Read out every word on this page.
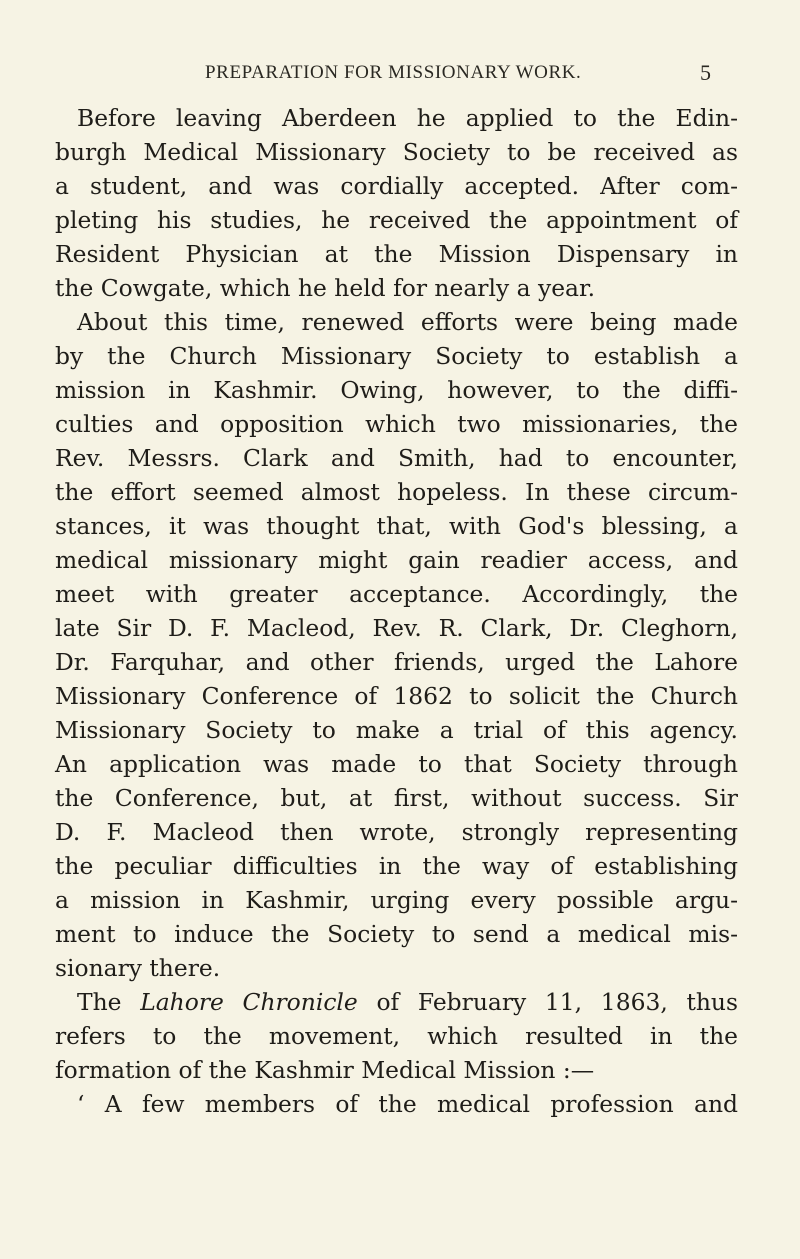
PREPARATION FOR MISSIONARY WORK.	5
Before leaving Aberdeen he applied to the Edin-
burgh Medical Missionary Society to be received as
a student, and was cordially accepted. After com-
pleting his studies, he received the appointment of
Resident Physician at the Mission Dispensary in
the Cowgate, which he held for nearly a year.
About this time, renewed efforts were being made
by the Church Missionary Society to establish a
mission in Kashmir. Owing, however, to the diffi-
culties and opposition which two missionaries, the
Rev. Messrs. Clark and Smith, had to encounter,
the effort seemed almost hopeless. In these circum-
stances, it was thought that, with God's blessing, a
medical missionary might gain readier access, and
meet with greater acceptance. Accordingly, the
late Sir D. F. Macleod, Rev. R. Clark, Dr. Cleghorn,
Dr. Farquhar, and other friends, urged the Lahore
Missionary Conference of 1862 to solicit the Church
Missionary Society to make a trial of this agency.
An application was made to that Society through
the Conference, but, at first, without success. Sir
D. F. Macleod then wrote, strongly representing
the peculiar difficulties in the way of establishing
a mission in Kashmir, urging every possible argu-
ment to induce the Society to send a medical mis-
sionary there.
The Lahore Chronicle of February 11, 1863, thus
refers to the movement, which resulted in the
formation of the Kashmir Medical Mission :—
‘ A few members of the medical profession and
